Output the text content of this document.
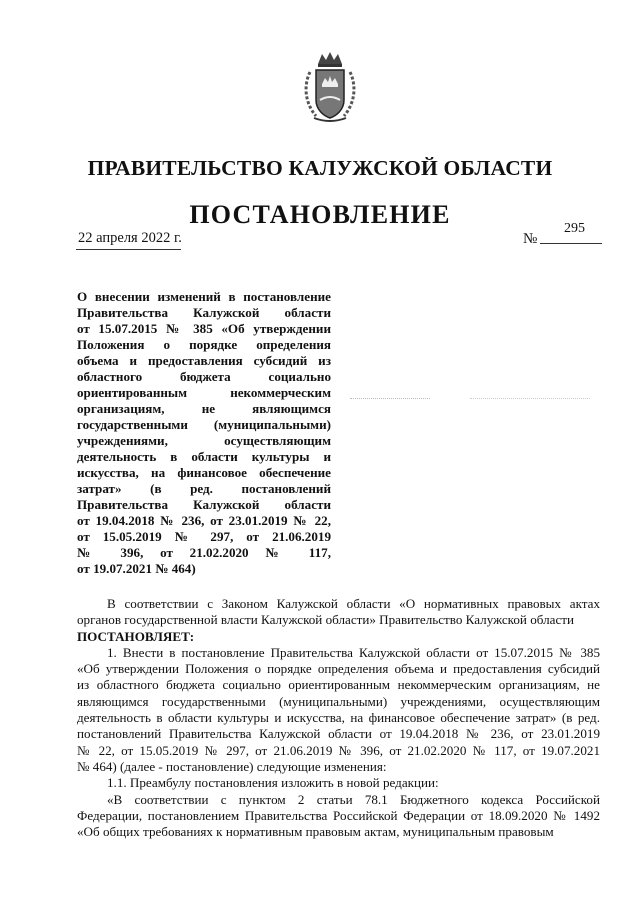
ПРАВИТЕЛЬСТВО КАЛУЖСКОЙ ОБЛАСТИ
ПОСТАНОВЛЕНИЕ
22 апреля 2022 г.	№
295
О внесении изменений в постановление
Правительства Калужской области
от 15.07.2015 № 385 «Об утверждении
Положения о порядке определения
объема и предоставления субсидий из
областного бюджета социально
ориентированным некоммерческим
организациям, не являющимся
государственными (муниципальными)
учреждениями, осуществляющим
деятельность в области культуры и
искусства, на финансовое обеспечение
затрат» (в ред. постановлений
Правительства Калужской области
от 19.04.2018 № 236, от 23.01.2019 № 22,
от 15.05.2019 № 297, от 21.06.2019
№ 396, от 21.02.2020 № 117,
от 19.07.2021 № 464)

В соответствии с Законом Калужской области «О нормативных правовых актах
органов государственной власти Калужской области» Правительство Калужской области

ПОСТАНОВЛЯЕТ:

1. Внести в постановление Правительства Калужской области от 15.07.2015 № 385
«Об утверждении Положения о порядке определения объема и предоставления субсидий
из областного бюджета социально ориентированным некоммерческим организациям, не
являющимся государственными (муниципальными) учреждениями, осуществляющим
деятельность в области культуры и искусства, на финансовое обеспечение затрат» (в ред.
постановлений Правительства Калужской области от 19.04.2018 № 236, от 23.01.2019
№ 22, от 15.05.2019 № 297, от 21.06.2019 № 396, от 21.02.2020 № 117, от 19.07.2021
№ 464) (далее - постановление) следующие изменения:

1.1. Преамбулу постановления изложить в новой редакции:

«В соответствии с пунктом 2 статьи 78.1 Бюджетного кодекса Российской
Федерации, постановлением Правительства Российской Федерации от 18.09.2020 № 1492
«Об общих требованиях к нормативным правовым актам, муниципальным правовым
